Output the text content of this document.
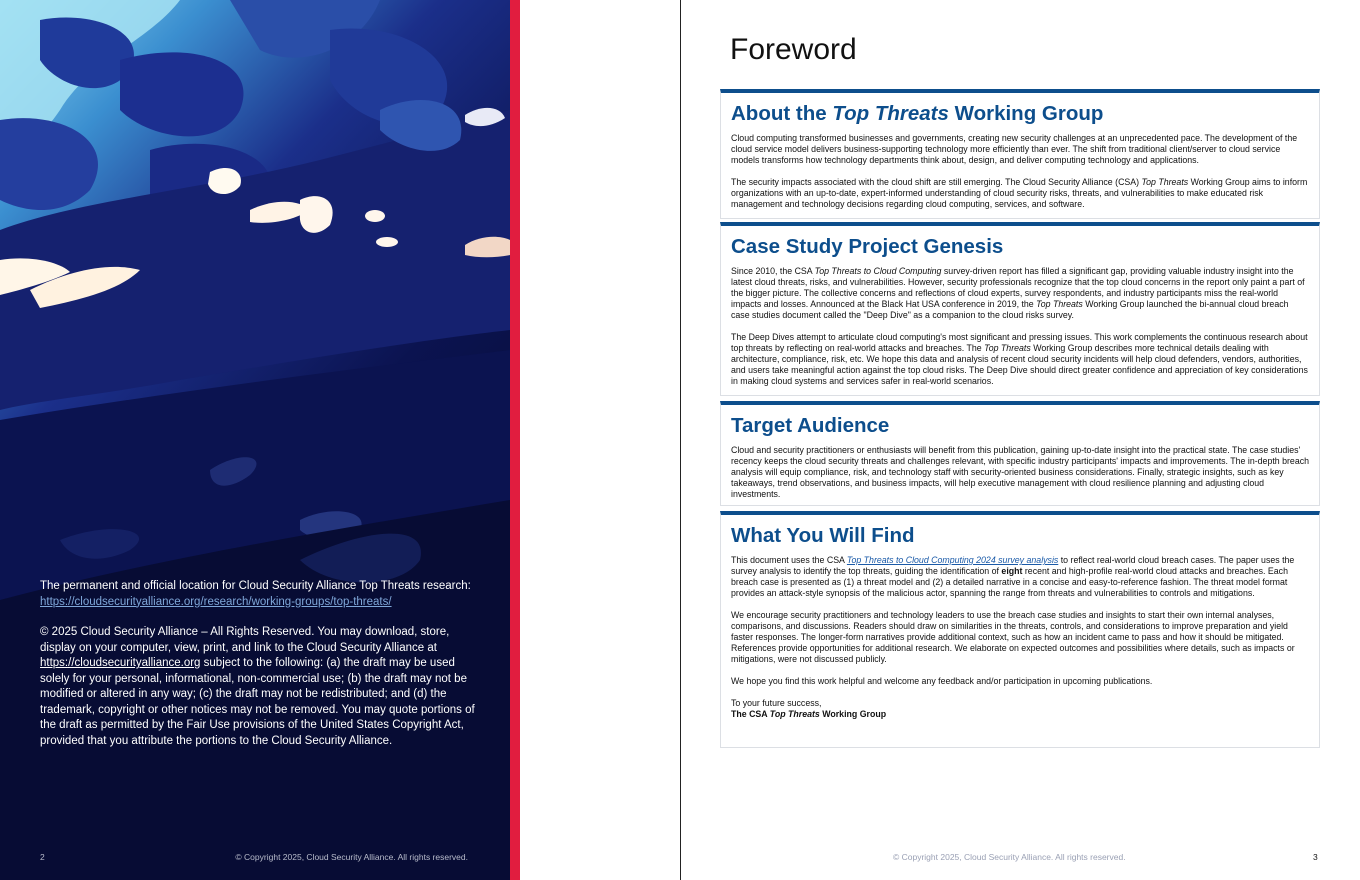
The permanent and official location for Cloud Security Alliance Top Threats research:
https://cloudsecurityalliance.org/research/working-groups/top-threats/

© 2025 Cloud Security Alliance – All Rights Reserved. You may download, store, display on your computer, view, print, and link to the Cloud Security Alliance at https://cloudsecurityalliance.org subject to the following: (a) the draft may be used solely for your personal, informational, non-commercial use; (b) the draft may not be modified or altered in any way; (c) the draft may not be redistributed; and (d) the trademark, copyright or other notices may not be removed. You may quote portions of the draft as permitted by the Fair Use provisions of the United States Copyright Act, provided that you attribute the portions to the Cloud Security Alliance.

2	© Copyright 2025, Cloud Security Alliance. All rights reserved.
Foreword
About the Top Threats Working Group

Cloud computing transformed businesses and governments, creating new security challenges at an unprecedented pace. The development of the cloud service model delivers business-supporting technology more efficiently than ever. The shift from traditional client/server to cloud service models transforms how technology departments think about, design, and deliver computing technology and applications.

The security impacts associated with the cloud shift are still emerging. The Cloud Security Alliance (CSA) Top Threats Working Group aims to inform organizations with an up-to-date, expert-informed understanding of cloud security risks, threats, and vulnerabilities to make educated risk management and technology decisions regarding cloud computing, services, and software.

Case Study Project Genesis

Since 2010, the CSA Top Threats to Cloud Computing survey-driven report has filled a significant gap, providing valuable industry insight into the latest cloud threats, risks, and vulnerabilities. However, security professionals recognize that the top cloud concerns in the report only paint a part of the bigger picture. The collective concerns and reflections of cloud experts, survey respondents, and industry participants miss the real-world impacts and losses. Announced at the Black Hat USA conference in 2019, the Top Threats Working Group launched the bi-annual cloud breach case studies document called the "Deep Dive" as a companion to the cloud risks survey.

The Deep Dives attempt to articulate cloud computing's most significant and pressing issues. This work complements the continuous research about top threats by reflecting on real-world attacks and breaches. The Top Threats Working Group describes more technical details dealing with architecture, compliance, risk, etc. We hope this data and analysis of recent cloud security incidents will help cloud defenders, vendors, authorities, and users take meaningful action against the top cloud risks. The Deep Dive should direct greater confidence and appreciation of key considerations in making cloud systems and services safer in real-world scenarios.

Target Audience

Cloud and security practitioners or enthusiasts will benefit from this publication, gaining up-to-date insight into the practical state. The case studies' recency keeps the cloud security threats and challenges relevant, with specific industry participants' impacts and improvements. The in-depth breach analysis will equip compliance, risk, and technology staff with security-oriented business considerations. Finally, strategic insights, such as key takeaways, trend observations, and business impacts, will help executive management with cloud resilience planning and adjusting cloud investments.

What You Will Find

This document uses the CSA Top Threats to Cloud Computing 2024 survey analysis to reflect real-world cloud breach cases. The paper uses the survey analysis to identify the top threats, guiding the identification of eight recent and high-profile real-world cloud attacks and breaches. Each breach case is presented as (1) a threat model and (2) a detailed narrative in a concise and easy-to-reference fashion. The threat model format provides an attack-style synopsis of the malicious actor, spanning the range from threats and vulnerabilities to controls and mitigations.

We encourage security practitioners and technology leaders to use the breach case studies and insights to start their own internal analyses, comparisons, and discussions. Readers should draw on similarities in the threats, controls, and considerations to improve preparation and yield faster responses. The longer-form narratives provide additional context, such as how an incident came to pass and how it should be mitigated. References provide opportunities for additional research. We elaborate on expected outcomes and possibilities where details, such as impacts or mitigations, were not discussed publicly.

We hope you find this work helpful and welcome any feedback and/or participation in upcoming publications.

To your future success,
The CSA Top Threats Working Group

© Copyright 2025, Cloud Security Alliance. All rights reserved.	3
